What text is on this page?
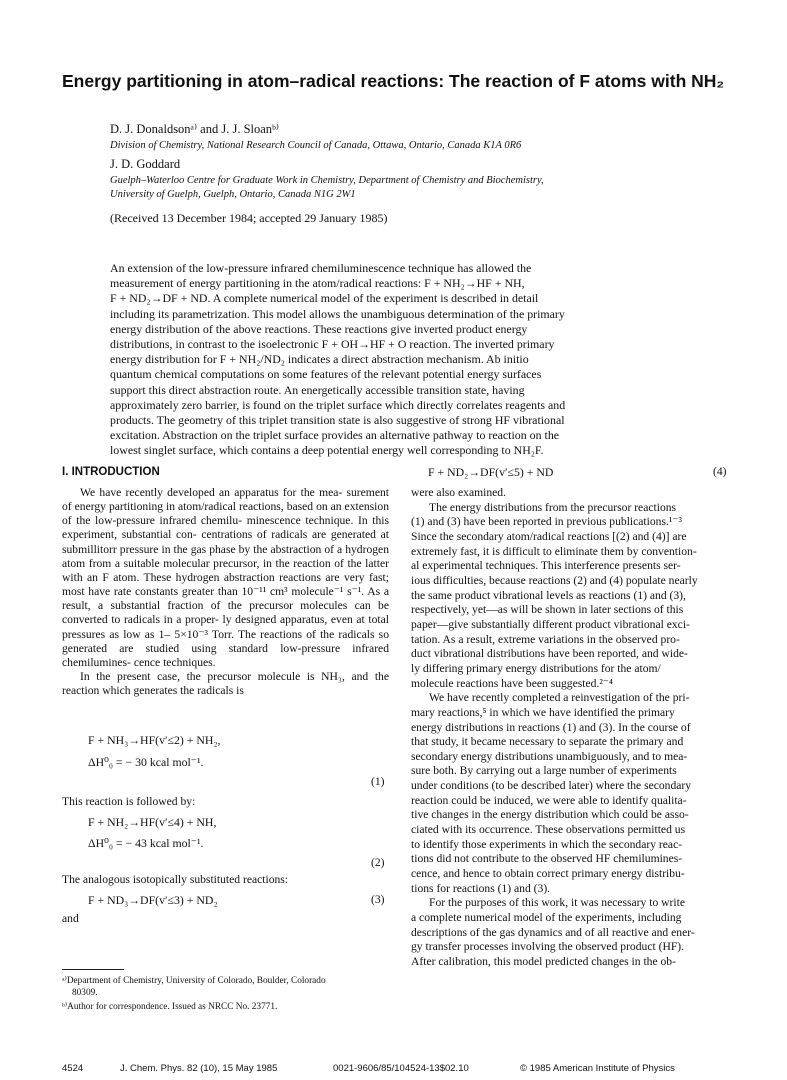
Energy partitioning in atom–radical reactions: The reaction of F atoms with NH₂
D. J. Donaldsonᵃ⁾ and J. J. Sloanᵇ⁾
Division of Chemistry, National Research Council of Canada, Ottawa, Ontario, Canada K1A 0R6
J. D. Goddard
Guelph–Waterloo Centre for Graduate Work in Chemistry, Department of Chemistry and Biochemistry,
University of Guelph, Guelph, Ontario, Canada N1G 2W1
(Received 13 December 1984; accepted 29 January 1985)
An extension of the low-pressure infrared chemiluminescence technique has allowed the
measurement of energy partitioning in the atom/radical reactions: F + NH₂→HF + NH,
F + ND₂→DF + ND. A complete numerical model of the experiment is described in detail
including its parametrization. This model allows the unambiguous determination of the primary
energy distribution of the above reactions. These reactions give inverted product energy
distributions, in contrast to the isoelectronic F + OH→HF + O reaction. The inverted primary
energy distribution for F + NH₂/ND₂ indicates a direct abstraction mechanism. Ab initio
quantum chemical computations on some features of the relevant potential energy surfaces
support this direct abstraction route. An energetically accessible transition state, having
approximately zero barrier, is found on the triplet surface which directly correlates reagents and
products. The geometry of this triplet transition state is also suggestive of strong HF vibrational
excitation. Abstraction on the triplet surface provides an alternative pathway to reaction on the
lowest singlet surface, which contains a deep potential energy well corresponding to NH₂F.
I. INTRODUCTION

We have recently developed an apparatus for the mea- surement of energy partitioning in atom/radical reactions, based on an extension of the low-pressure infrared chemilu- minescence technique. In this experiment, substantial con- centrations of radicals are generated at submillitorr pressure in the gas phase by the abstraction of a hydrogen atom from a suitable molecular precursor, in the reaction of the latter with an F atom. These hydrogen abstraction reactions are very fast; most have rate constants greater than 10⁻¹¹ cm³ molecule⁻¹ s⁻¹. As a result, a substantial fraction of the precursor molecules can be converted to radicals in a proper- ly designed apparatus, even at total pressures as low as 1– 5×10⁻³ Torr. The reactions of the radicals so generated are studied using standard low-pressure infrared chemilumines- cence techniques.

In the present case, the precursor molecule is NH₃, and the reaction which generates the radicals is

F + NH₃→HF(v′≤2) + NH₂,
ΔH⁰₀ = − 30 kcal mol⁻¹.
(1)
This reaction is followed by:
F + NH₂→HF(v′≤4) + NH,
ΔH⁰₀ = − 43 kcal mol⁻¹.
(2)
The analogous isotopically substituted reactions:
F + ND₃→DF(v′≤3) + ND₂	(3)
and
ᵃ⁾Department of Chemistry, University of Colorado, Boulder, Colorado
80309.
ᵇ⁾Author for correspondence. Issued as NRCC No. 23771.
F + ND₂→DF(v′≤5) + ND	(4)
were also examined.
The energy distributions from the precursor reactions
(1) and (3) have been reported in previous publications.¹⁻³
Since the secondary atom/radical reactions [(2) and (4)] are
extremely fast, it is difficult to eliminate them by convention-
al experimental techniques. This interference presents ser-
ious difficulties, because reactions (2) and (4) populate nearly
the same product vibrational levels as reactions (1) and (3),
respectively, yet—as will be shown in later sections of this
paper—give substantially different product vibrational exci-
tation. As a result, extreme variations in the observed pro-
duct vibrational distributions have been reported, and wide-
ly differing primary energy distributions for the atom/
molecule reactions have been suggested.²⁻⁴
We have recently completed a reinvestigation of the pri-
mary reactions,⁵ in which we have identified the primary
energy distributions in reactions (1) and (3). In the course of
that study, it became necessary to separate the primary and
secondary energy distributions unambiguously, and to mea-
sure both. By carrying out a large number of experiments
under conditions (to be described later) where the secondary
reaction could be induced, we were able to identify qualita-
tive changes in the energy distribution which could be asso-
ciated with its occurrence. These observations permitted us
to identify those experiments in which the secondary reac-
tions did not contribute to the observed HF chemilumines-
cence, and hence to obtain correct primary energy distribu-
tions for reactions (1) and (3).
For the purposes of this work, it was necessary to write
a complete numerical model of the experiments, including
descriptions of the gas dynamics and of all reactive and ener-
gy transfer processes involving the observed product (HF).
After calibration, this model predicted changes in the ob-
4524	J. Chem. Phys. 82 (10), 15 May 1985	0021-9606/85/104524-13$02.10	© 1985 American Institute of Physics
